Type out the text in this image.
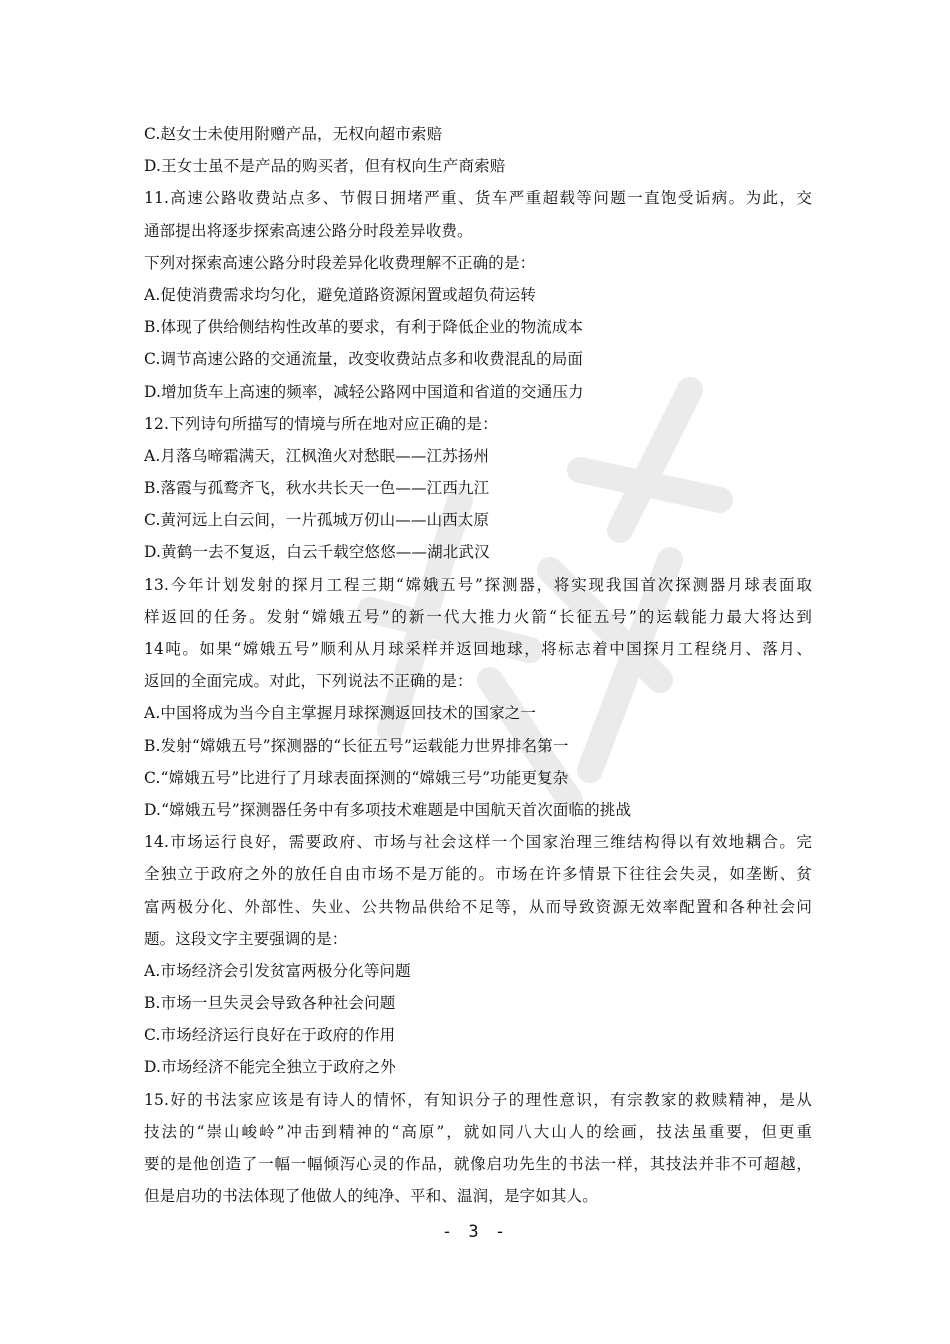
C.赵女士未使用附赠产品，无权向超市索赔
D.王女士虽不是产品的购买者，但有权向生产商索赔
11.高速公路收费站点多、节假日拥堵严重、货车严重超载等问题一直饱受诟病。为此，交
通部提出将逐步探索高速公路分时段差异收费。
下列对探索高速公路分时段差异化收费理解不正确的是：
A.促使消费需求均匀化，避免道路资源闲置或超负荷运转
B.体现了供给侧结构性改革的要求，有利于降低企业的物流成本
C.调节高速公路的交通流量，改变收费站点多和收费混乱的局面
D.增加货车上高速的频率，减轻公路网中国道和省道的交通压力
12.下列诗句所描写的情境与所在地对应正确的是：
A.月落乌啼霜满天，江枫渔火对愁眠——江苏扬州
B.落霞与孤鹜齐飞，秋水共长天一色——江西九江
C.黄河远上白云间，一片孤城万仞山——山西太原
D.黄鹤一去不复返，白云千载空悠悠——湖北武汉
13.今年计划发射的探月工程三期“嫦娥五号”探测器，将实现我国首次探测器月球表面取
样返回的任务。发射“嫦娥五号”的新一代大推力火箭“长征五号”的运载能力最大将达到
14吨。如果“嫦娥五号”顺利从月球采样并返回地球，将标志着中国探月工程绕月、落月、
返回的全面完成。对此，下列说法不正确的是：
A.中国将成为当今自主掌握月球探测返回技术的国家之一
B.发射“嫦娥五号”探测器的“长征五号”运载能力世界排名第一
C.“嫦娥五号”比进行了月球表面探测的“嫦娥三号”功能更复杂
D.“嫦娥五号”探测器任务中有多项技术难题是中国航天首次面临的挑战
14.市场运行良好，需要政府、市场与社会这样一个国家治理三维结构得以有效地耦合。完
全独立于政府之外的放任自由市场不是万能的。市场在许多情景下往往会失灵，如垄断、贫
富两极分化、外部性、失业、公共物品供给不足等，从而导致资源无效率配置和各种社会问
题。这段文字主要强调的是：
A.市场经济会引发贫富两极分化等问题
B.市场一旦失灵会导致各种社会问题
C.市场经济运行良好在于政府的作用
D.市场经济不能完全独立于政府之外
15.好的书法家应该是有诗人的情怀，有知识分子的理性意识，有宗教家的救赎精神，是从
技法的“崇山峻岭”冲击到精神的“高原”，就如同八大山人的绘画，技法虽重要，但更重
要的是他创造了一幅一幅倾泻心灵的作品，就像启功先生的书法一样，其技法并非不可超越，
但是启功的书法体现了他做人的纯净、平和、温润，是字如其人。
- 3 -
